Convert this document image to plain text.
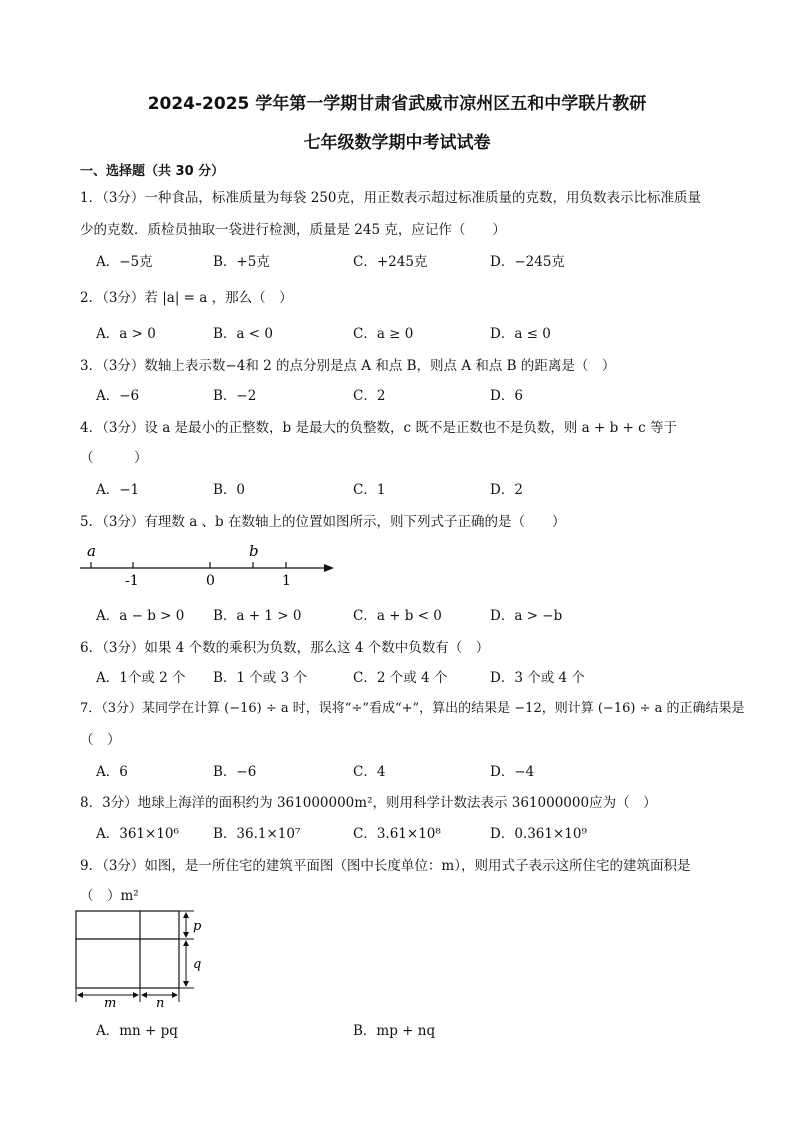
2024-2025 学年第一学期甘肃省武威市凉州区五和中学联片教研
七年级数学期中考试试卷
一、选择题（共 30 分）
1．（3分）一种食品，标准质量为每袋 250克，用正数表示超过标准质量的克数，用负数表示比标准质量
少的克数．质检员抽取一袋进行检测，质量是 245 克，应记作（　　）
A．−5克	B．+5克	C．+245克	D．−245克
2．（3分）若 |a| = a ，那么（　）
A．a > 0	B．a < 0	C．a ≥ 0	D．a ≤ 0
3．（3分）数轴上表示数−4和 2 的点分别是点 A 和点 B，则点 A 和点 B 的距离是（　）
A．−6	B．−2	C．2	D．6
4．（3分）设 a 是最小的正整数，b 是最大的负整数，c 既不是正数也不是负数，则 a + b + c 等于
（　　　）
A．−1	B．0	C．1	D．2
5．（3分）有理数 a 、b 在数轴上的位置如图所示，则下列式子正确的是（　　）
a	b
-1	0	1
A．a − b > 0 B．a + 1 > 0	C．a + b < 0	D．a > −b
6．（3分）如果 4 个数的乘积为负数，那么这 4 个数中负数有（　）
A．1个或 2 个 B．1 个或 3 个	C．2 个或 4 个	D．3 个或 4 个
7．（3分）某同学在计算 (−16) ÷ a 时，误将“÷”看成“+”，算出的结果是 −12，则计算 (−16) ÷ a 的正确结果是
（　）
A．6	B．−6	C．4	D．−4
8．3分）地球上海洋的面积约为 361000000m²，则用科学计数法表示 361000000应为（　）
A．361×10⁶	B．36.1×10⁷	C．3.61×10⁸	D．0.361×10⁹
9．（3分）如图，是一所住宅的建筑平面图（图中长度单位：m），则用式子表示这所住宅的建筑面积是
（　）m²
p
q
m	n
A．mn + pq	B．mp + nq
